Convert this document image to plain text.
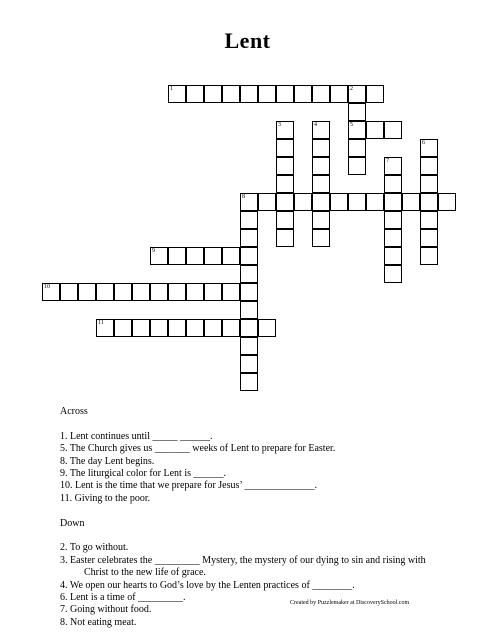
Lent
1	2
5
3	4
6
7
8
9
10
11
Across
1. Lent continues until _____ ______.
5. The Church gives us _______ weeks of Lent to prepare for Easter.
8. The day Lent begins.
9. The liturgical color for Lent is ______.
10. Lent is the time that we prepare for Jesus’ ______________.
11. Giving to the poor.
Down
2. To go without.
3. Easter celebrates the _________ Mystery, the mystery of our dying to sin and rising with
Christ to the new life of grace.
4. We open our hearts to God’s love by the Lenten practices of ________.
6. Lent is a time of _________.
7. Going without food.
8. Not eating meat.
Created by Puzzlemaker at DiscoverySchool.com
